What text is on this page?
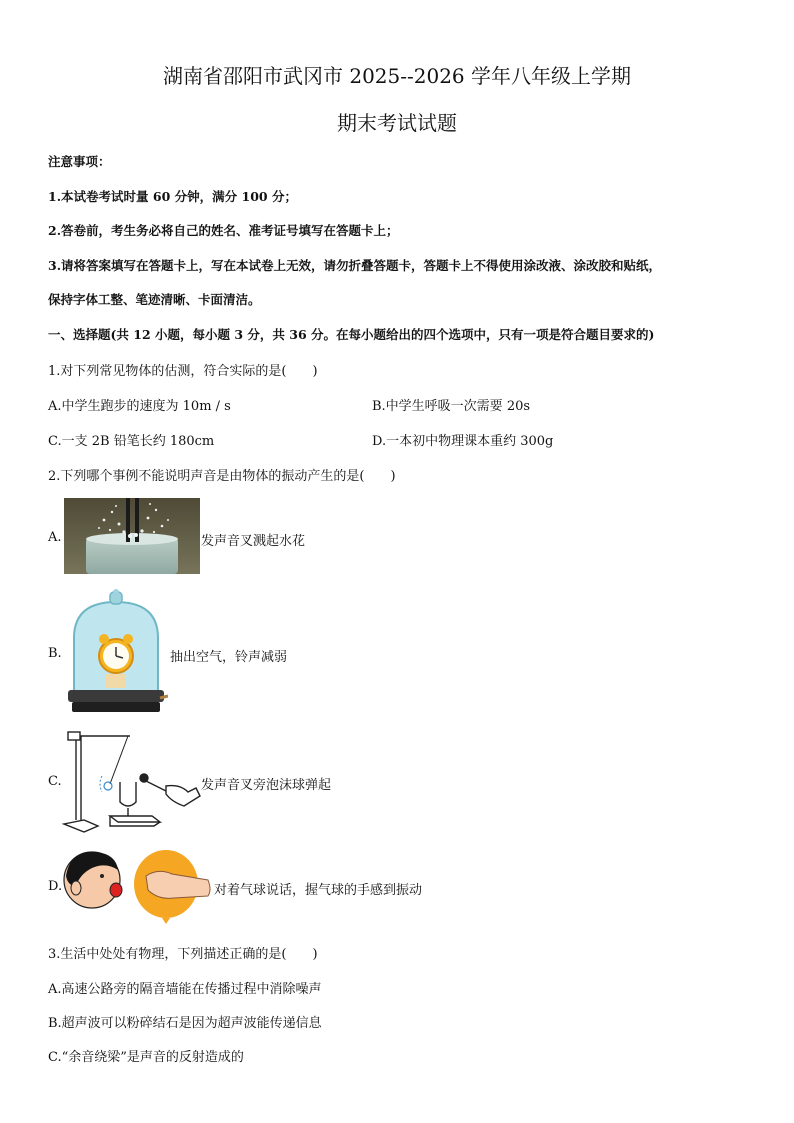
湖南省邵阳市武冈市 2025--2026 学年八年级上学期
期末考试试题
注意事项：
1.本试卷考试时量 60 分钟，满分 100 分；
2.答卷前，考生务必将自己的姓名、准考证号填写在答题卡上；
3.请将答案填写在答题卡上，写在本试卷上无效，请勿折叠答题卡，答题卡上不得使用涂改液、涂改胶和贴纸，
保持字体工整、笔迹清晰、卡面清洁。
一、选择题(共 12 小题，每小题 3 分，共 36 分。在每小题给出的四个选项中，只有一项是符合题目要求的)
1.对下列常见物体的估测，符合实际的是(　　)
A.中学生跑步的速度为 10m / s	B.中学生呼吸一次需要 20s
C.一支 2B 铅笔长约 180cm	D.一本初中物理课本重约 300g
2.下列哪个事例不能说明声音是由物体的振动产生的是(　　)
A.	发声音叉溅起水花
B.	抽出空气，铃声减弱
C.	发声音叉旁泡沫球弹起
D.	对着气球说话，握气球的手感到振动
3.生活中处处有物理，下列描述正确的是(　　)
A.高速公路旁的隔音墙能在传播过程中消除噪声
B.超声波可以粉碎结石是因为超声波能传递信息
C.“余音绕梁”是声音的反射造成的
